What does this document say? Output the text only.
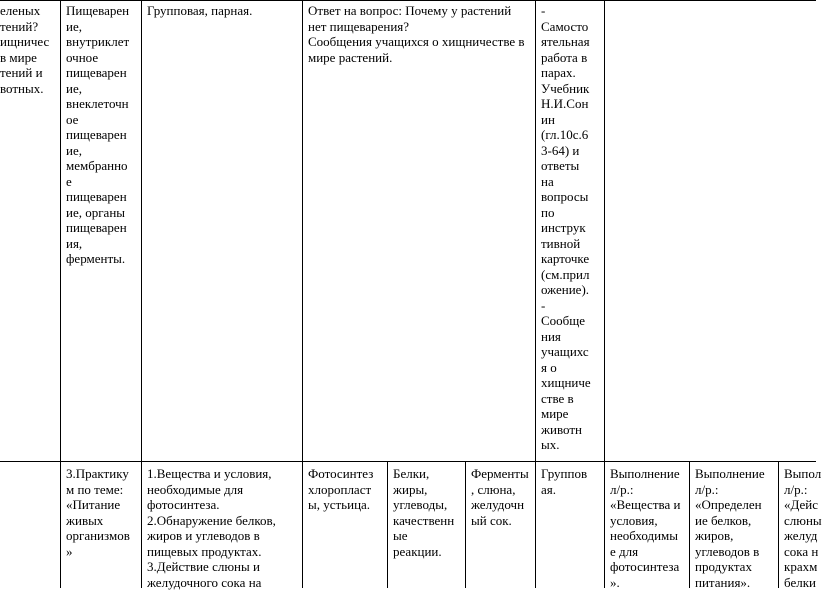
еленых
тений?
ищничес
в мире
тений и
вотных.
Пищеварен
ие,
внутриклет
очное
пищеварен
ие,
внеклеточн
ое
пищеварен
ие,
мембранно
е
пищеварен
ие, органы
пищеварен
ия,
ферменты.
Групповая, парная.	Ответ на вопрос: Почему у растений нет пищеварения?
Сообщения учащихся о хищничестве в мире растений.
-
Самосто
ятельная
работа в
парах.
Учебник
Н.И.Сон
ин
(гл.10с.6
3-64) и
ответы
на
вопросы
по
инструк
тивной
карточке
(см.прил
ожение).
-
Сообще
ния
учащихс
я о
хищниче
стве в
мире
животн
ых.
3.Практику
м по теме:
«Питание
живых
организмов
»
1.Вещества и условия,
необходимые для
фотосинтеза.
2.Обнаружение белков,
жиров и углеводов в
пищевых продуктах.
3.Действие слюны и
желудочного сока на
Фотосинтез
хлоропласт
ы, устьица.
Белки,
жиры,
углеводы,
качественн
ые
реакции.
Ферменты
, слюна,
желудочн
ый сок.
Группов
ая.
Выполнение
л/р.:
«Вещества и
условия,
необходимы
е для
фотосинтеза
».
Выполнение
л/р.:
«Определен
ие белков,
жиров,
углеводов в
продуктах
питания».
Выпол
л/р.:
«Дейс
слюны
желуд
сока н
крахм
белки
